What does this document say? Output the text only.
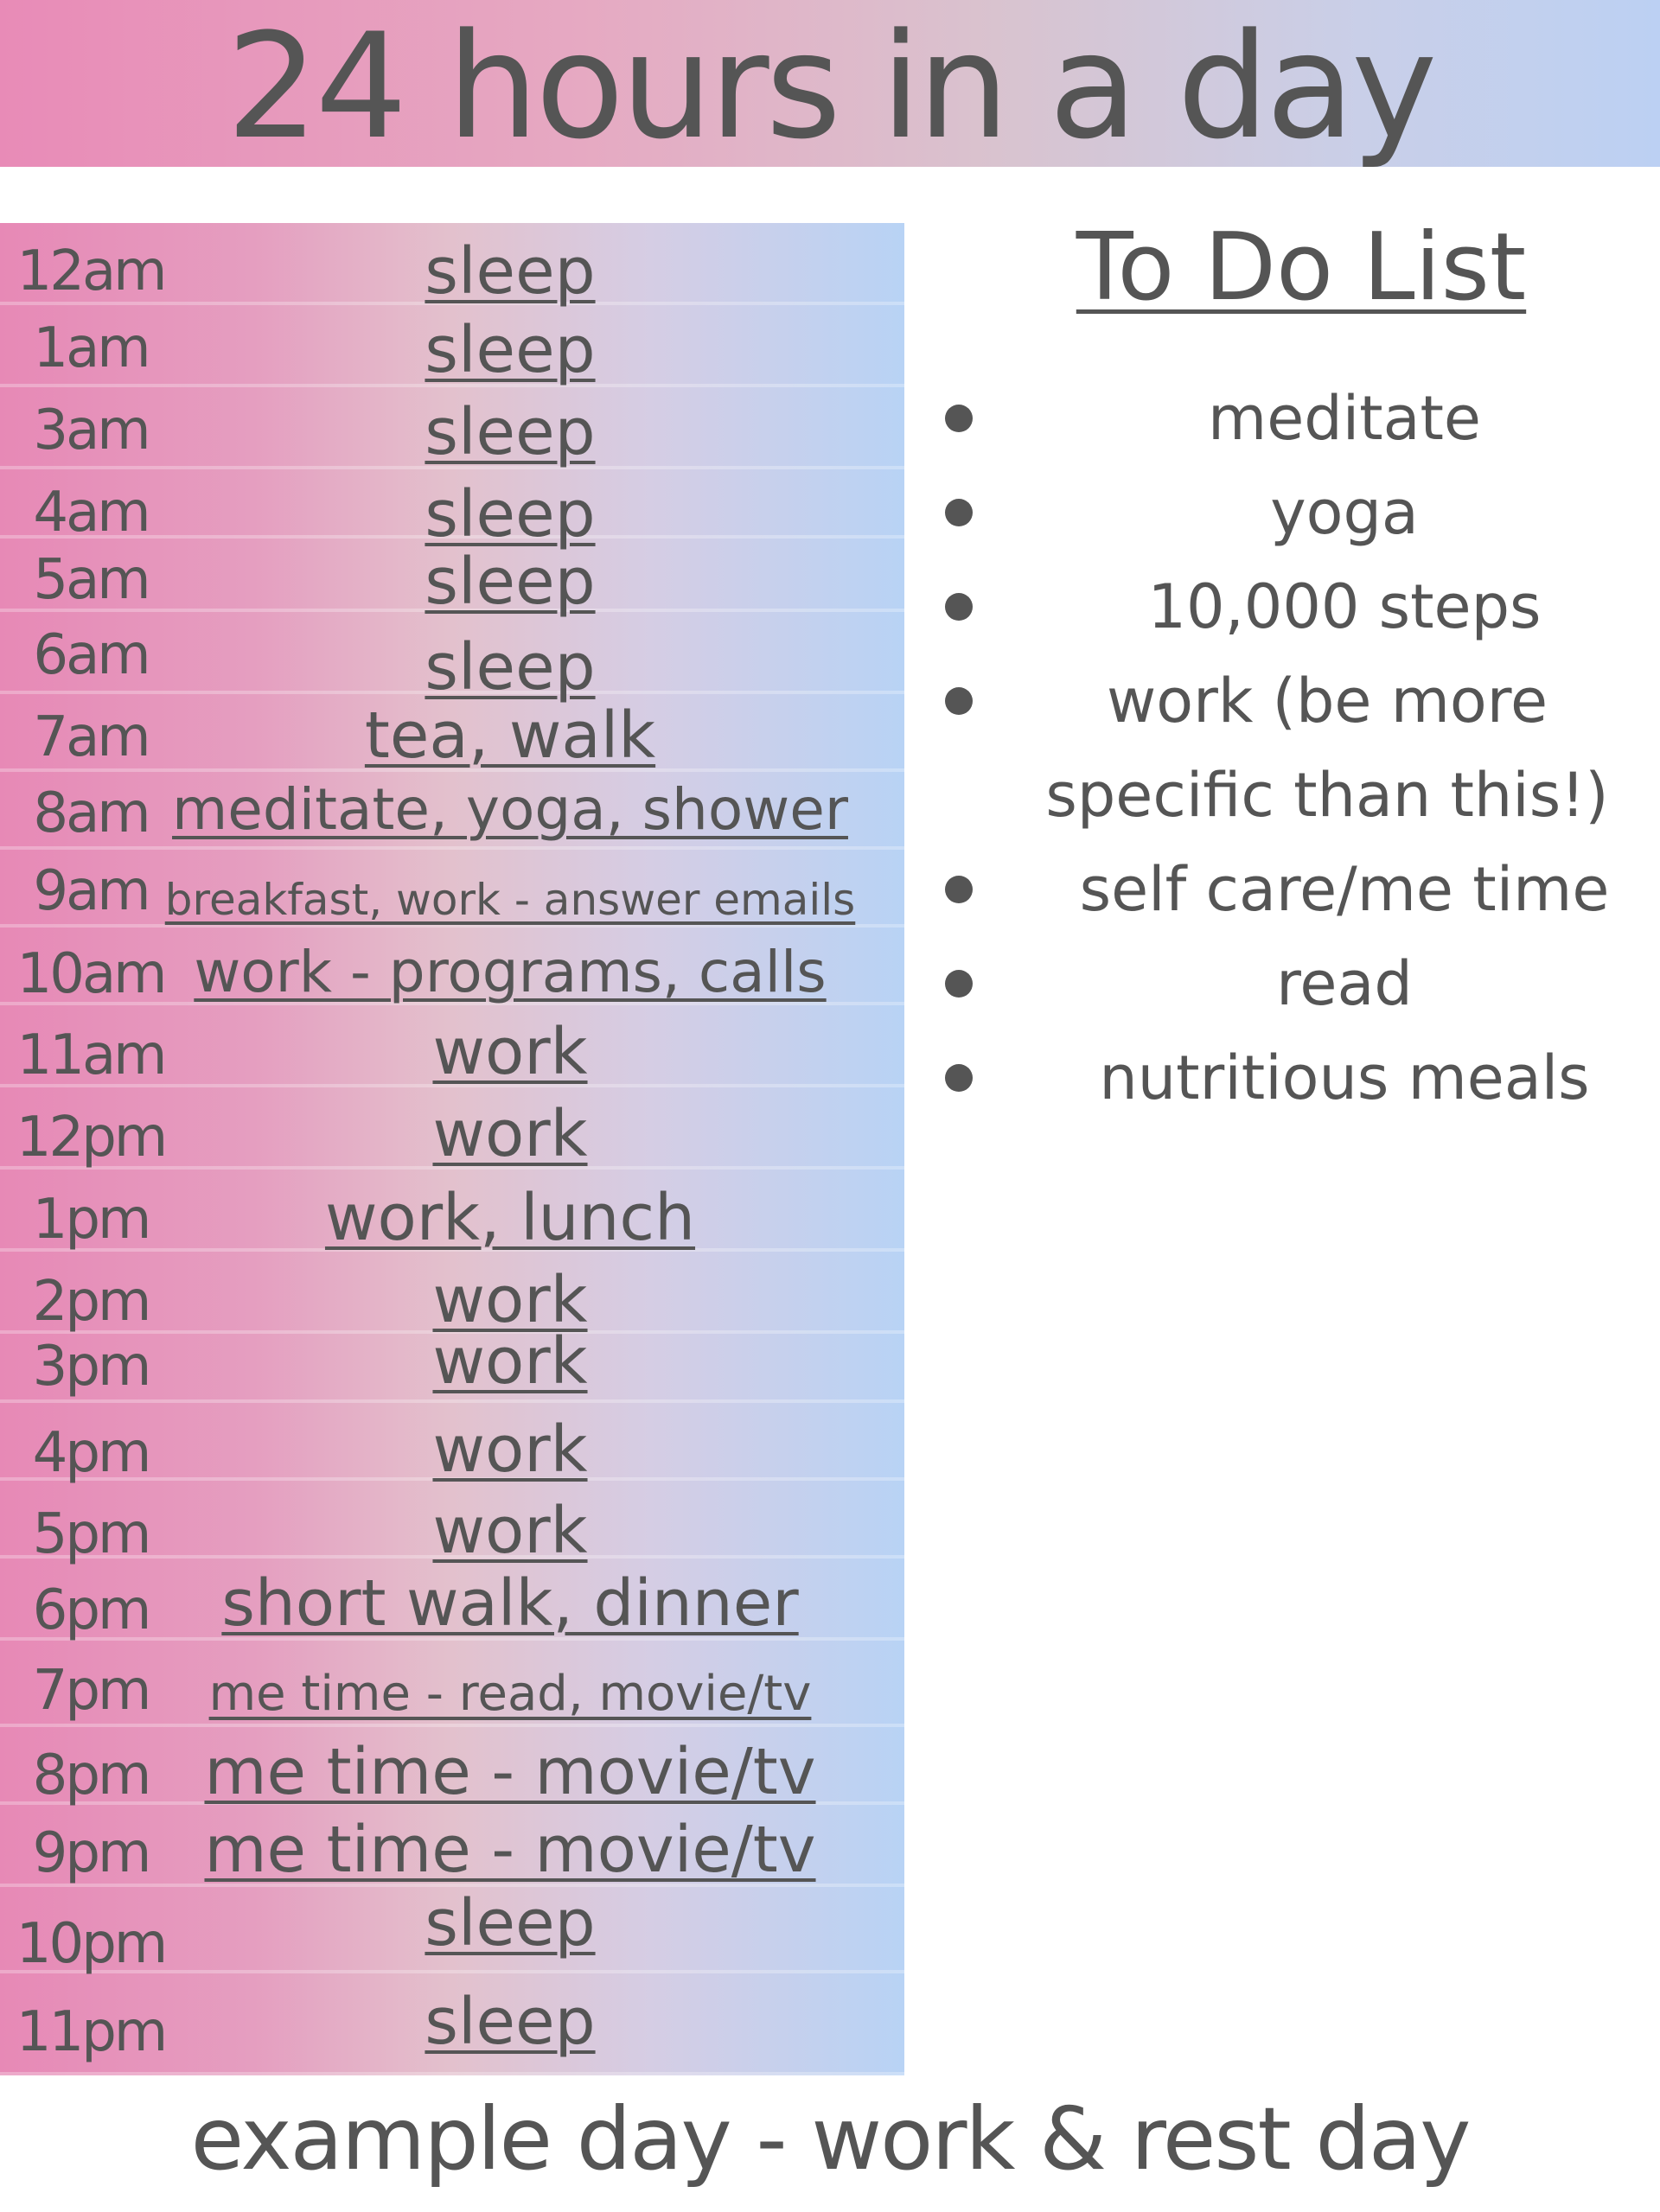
24 hours in a day
12am	sleep
1am	sleep
3am	sleep
4am	sleep
5am	sleep
6am	sleep
7am	tea, walk
8am meditate, yoga, shower
9am breakfast, work - answer emails
10am work - programs, calls
11am	work
12pm	work
1pm	work, lunch
2pm	work
3pm	work
4pm	work
5pm	work
6pm	short walk, dinner
7pm	me time - read, movie/tv
8pm me time - movie/tv
9pm me time - movie/tv
10pm	sleep
11pm	sleep
To Do List
meditate
yoga
10,000 steps
work (be more specific than this!)
self care/me time
read
nutritious meals
example day - work & rest day
